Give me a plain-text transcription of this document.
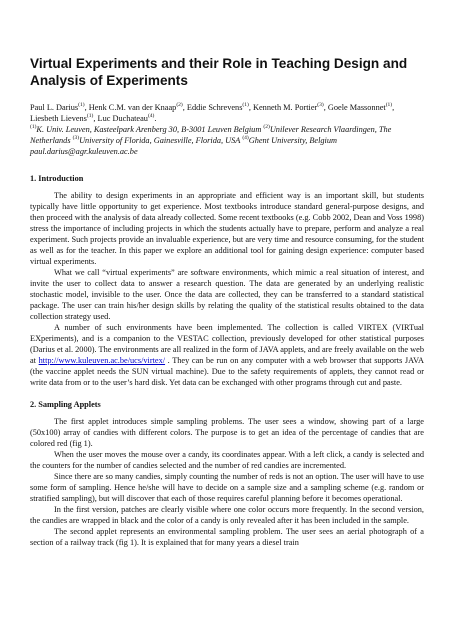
Virtual Experiments and their Role in Teaching Design and Analysis of Experiments
Paul L. Darius$^{(1)}$, Henk C.M. van der Knaap$^{(2)}$, Eddie Schrevens$^{(1)}$, Kenneth M. Portier$^{(3)}$, Goele Massonnet$^{(1)}$, Liesbeth Lievens$^{(1)}$, Luc Duchateau$^{(4)}$.
$^{(1)}$K. Univ. Leuven, Kasteelpark Arenberg 30, B-3001 Leuven Belgium $^{(2)}$Unilever Research Vlaardingen, The Netherlands $^{(3)}$University of Florida, Gainesville, Florida, USA $^{(4)}$Ghent University, Belgium
paul.darius@agr.kuleuven.ac.be
1. Introduction

The ability to design experiments in an appropriate and efficient way is an important skill, but students typically have little opportunity to get experience. Most textbooks introduce standard general-purpose designs, and then proceed with the analysis of data already collected. Some recent textbooks (e.g. Cobb 2002, Dean and Voss 1998) stress the importance of including projects in which the students actually have to prepare, perform and analyze a real experiment. Such projects provide an invaluable experience, but are very time and resource consuming, for the student as well as for the teacher. In this paper we explore an additional tool for gaining design experience: computer based virtual experiments.

What we call “virtual experiments” are software environments, which mimic a real situation of interest, and invite the user to collect data to answer a research question. The data are generated by an underlying realistic stochastic model, invisible to the user. Once the data are collected, they can be transferred to a standard statistical package. The user can train his/her design skills by relating the quality of the statistical results obtained to the data collection strategy used.

A number of such environments have been implemented. The collection is called VIRTEX (VIRTual EXperiments), and is a companion to the VESTAC collection, previously developed for other statistical purposes (Darius et al. 2000). The environments are all realized in the form of JAVA applets, and are freely available on the web at http://www.kuleuven.ac.be/ucs/virtex/ . They can be run on any computer with a web browser that supports JAVA (the vaccine applet needs the SUN virtual machine). Due to the safety requirements of applets, they cannot read or write data from or to the user’s hard disk. Yet data can be exchanged with other programs through cut and paste.

2. Sampling Applets

The first applet introduces simple sampling problems. The user sees a window, showing part of a large (50x100) array of candies with different colors. The purpose is to get an idea of the percentage of candies that are colored red (fig 1).

When the user moves the mouse over a candy, its coordinates appear. With a left click, a candy is selected and the counters for the number of candies selected and the number of red candies are incremented.

Since there are so many candies, simply counting the number of reds is not an option. The user will have to use some form of sampling. Hence he/she will have to decide on a sample size and a sampling scheme (e.g. random or stratified sampling), but will discover that each of those requires careful planning before it becomes operational.

In the first version, patches are clearly visible where one color occurs more frequently. In the second version, the candies are wrapped in black and the color of a candy is only revealed after it has been included in the sample.

The second applet represents an environmental sampling problem. The user sees an aerial photograph of a section of a railway track (fig 1). It is explained that for many years a diesel train
